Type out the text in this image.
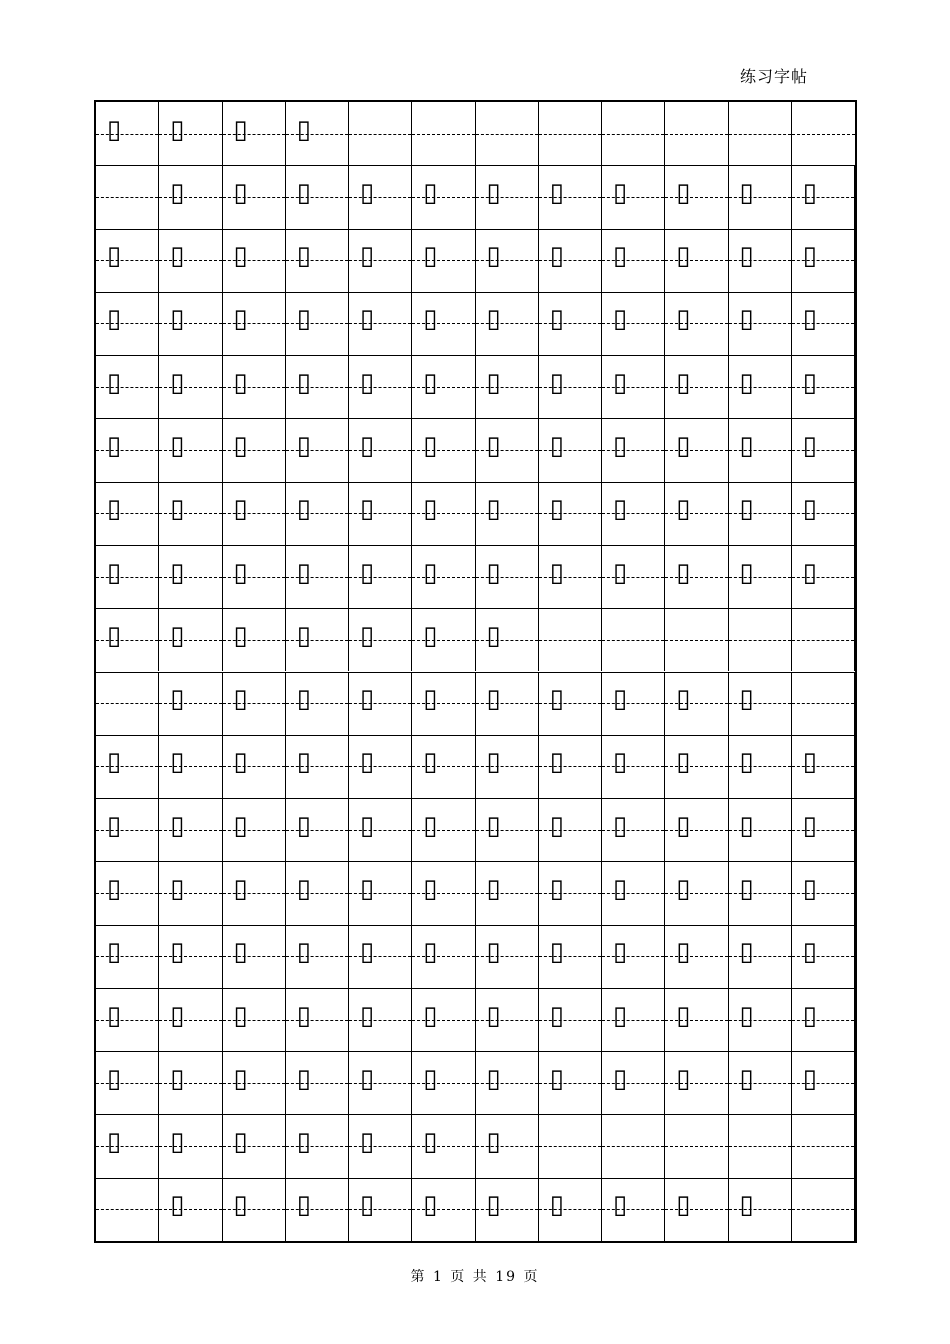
练习字帖
▯ ▯ ▯ ▯
▯ ▯ ▯ ▯ ▯ ▯ ▯ ▯ ▯ ▯ ▯
▯ ▯ ▯ ▯ ▯ ▯ ▯ ▯ ▯ ▯ ▯ ▯
▯ ▯ ▯ ▯ ▯ ▯ ▯ ▯ ▯ ▯ ▯ ▯
▯ ▯ ▯ ▯ ▯ ▯ ▯ ▯ ▯ ▯ ▯ ▯
▯ ▯ ▯ ▯ ▯ ▯ ▯ ▯ ▯ ▯ ▯ ▯
▯ ▯ ▯ ▯ ▯ ▯ ▯ ▯ ▯ ▯ ▯ ▯
▯ ▯ ▯ ▯ ▯ ▯ ▯ ▯ ▯ ▯ ▯ ▯
▯ ▯ ▯ ▯ ▯ ▯ ▯
▯ ▯ ▯ ▯ ▯ ▯ ▯ ▯ ▯ ▯
▯ ▯ ▯ ▯ ▯ ▯ ▯ ▯ ▯ ▯ ▯ ▯
▯ ▯ ▯ ▯ ▯ ▯ ▯ ▯ ▯ ▯ ▯ ▯
▯ ▯ ▯ ▯ ▯ ▯ ▯ ▯ ▯ ▯ ▯ ▯
▯ ▯ ▯ ▯ ▯ ▯ ▯ ▯ ▯ ▯ ▯ ▯
▯ ▯ ▯ ▯ ▯ ▯ ▯ ▯ ▯ ▯ ▯ ▯
▯ ▯ ▯ ▯ ▯ ▯ ▯ ▯ ▯ ▯ ▯ ▯
▯ ▯ ▯ ▯ ▯ ▯ ▯
▯ ▯ ▯ ▯ ▯ ▯ ▯ ▯ ▯ ▯
第 1 页 共 19 页
